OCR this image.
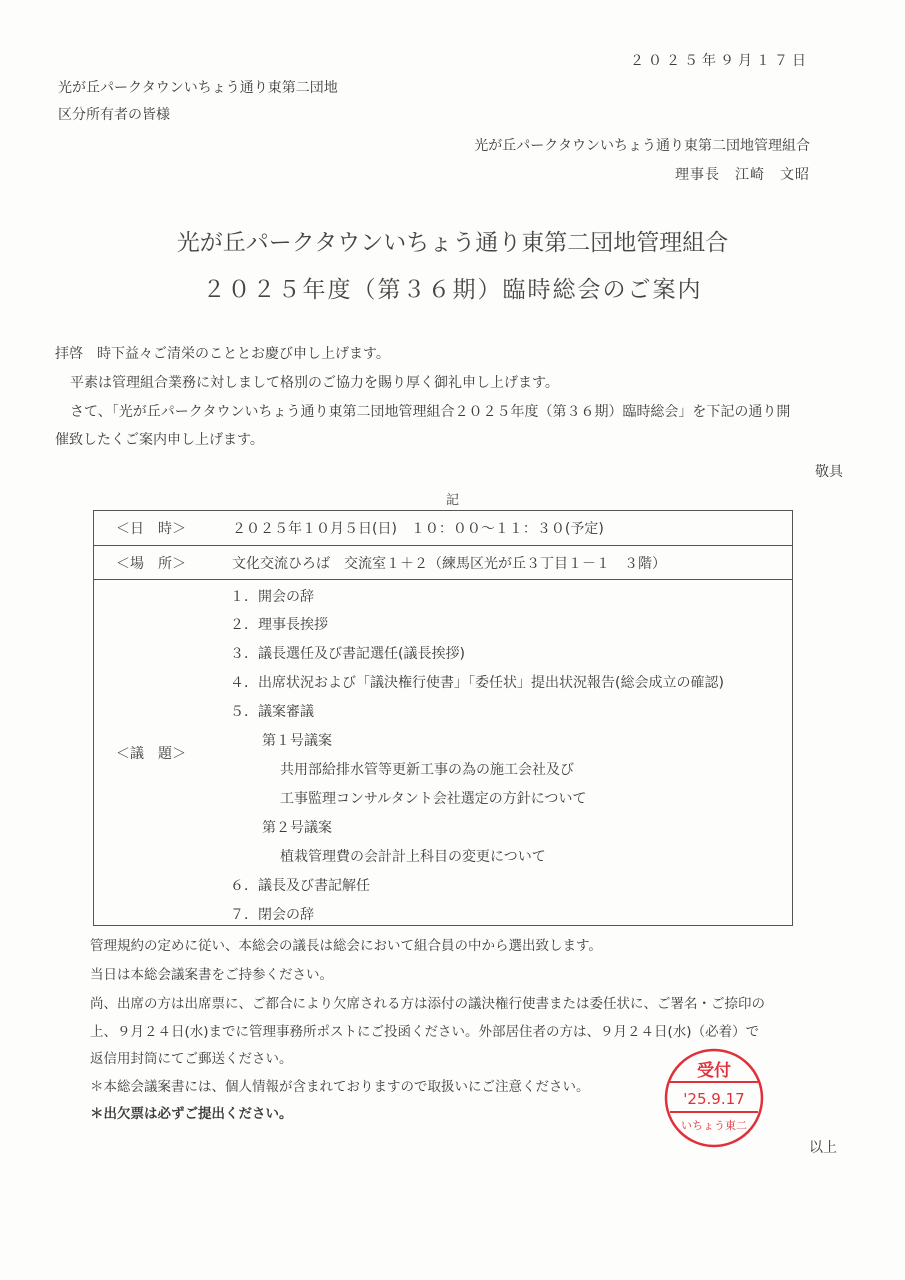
２０２５年９月１７日
光が丘パークタウンいちょう通り東第二団地
区分所有者の皆様
光が丘パークタウンいちょう通り東第二団地管理組合
理事長　江崎　文昭
光が丘パークタウンいちょう通り東第二団地管理組合
２０２５年度（第３６期）臨時総会のご案内
拝啓　時下益々ご清栄のこととお慶び申し上げます。
平素は管理組合業務に対しまして格別のご協力を賜り厚く御礼申し上げます。
さて、「光が丘パークタウンいちょう通り東第二団地管理組合２０２５年度（第３６期）臨時総会」を下記の通り開
催致したくご案内申し上げます。
敬具
記
＜日　時＞	２０２５年１０月５日(日)　１０：００～１１：３０(予定)
＜場　所＞	文化交流ひろば　交流室１＋２（練馬区光が丘３丁目１－１　３階）
＜議　題＞
１．開会の辞
２．理事長挨拶
３．議長選任及び書記選任(議長挨拶)
４．出席状況および「議決権行使書」「委任状」提出状況報告(総会成立の確認)
５．議案審議
第１号議案
共用部給排水管等更新工事の為の施工会社及び
工事監理コンサルタント会社選定の方針について
第２号議案
植栽管理費の会計計上科目の変更について
６．議長及び書記解任
７．閉会の辞
管理規約の定めに従い、本総会の議長は総会において組合員の中から選出致します。
当日は本総会議案書をご持参ください。
尚、出席の方は出席票に、ご都合により欠席される方は添付の議決権行使書または委任状に、ご署名・ご捺印の
上、９月２４日(水)までに管理事務所ポストにご投函ください。外部居住者の方は、９月２４日(水)（必着）で
返信用封筒にてご郵送ください。
＊本総会議案書には、個人情報が含まれておりますので取扱いにご注意ください。
＊出欠票は必ずご提出ください。
以上
受付
'25.9.17
いちょう東二
